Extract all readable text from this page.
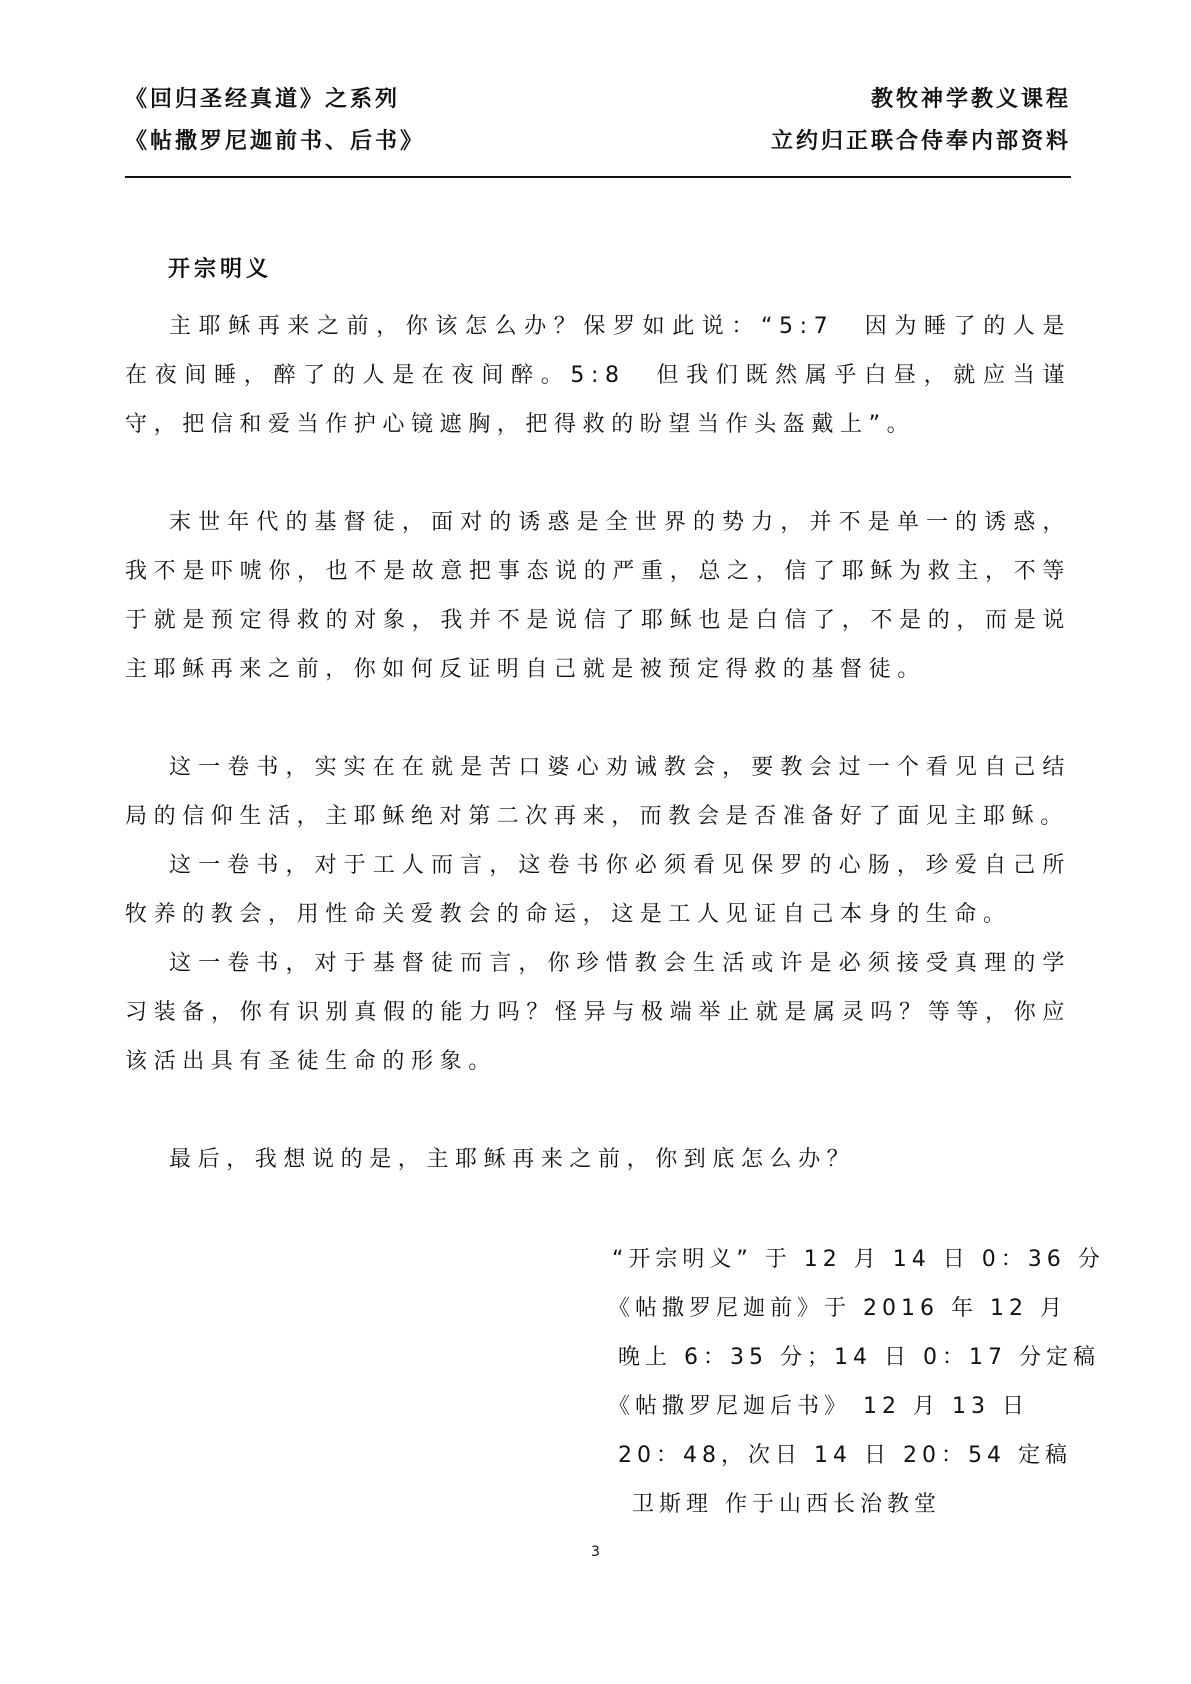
《回归圣经真道》之系列
《帖撒罗尼迦前书、后书》
教牧神学教义课程
立约归正联合侍奉内部资料
开宗明义

主耶稣再来之前，你该怎么办？保罗如此说：“5:7　因为睡了的人是在夜间睡，醉了的人是在夜间醉。5:8　但我们既然属乎白昼，就应当谨守，把信和爱当作护心镜遮胸，把得救的盼望当作头盔戴上”。

末世年代的基督徒，面对的诱惑是全世界的势力，并不是单一的诱惑，我不是吓唬你，也不是故意把事态说的严重，总之，信了耶稣为救主，不等于就是预定得救的对象，我并不是说信了耶稣也是白信了，不是的，而是说主耶稣再来之前，你如何反证明自己就是被预定得救的基督徒。

这一卷书，实实在在就是苦口婆心劝诫教会，要教会过一个看见自己结局的信仰生活，主耶稣绝对第二次再来，而教会是否准备好了面见主耶稣。

这一卷书，对于工人而言，这卷书你必须看见保罗的心肠，珍爱自己所牧养的教会，用性命关爱教会的命运，这是工人见证自己本身的生命。

这一卷书，对于基督徒而言，你珍惜教会生活或许是必须接受真理的学习装备，你有识别真假的能力吗？怪异与极端举止就是属灵吗？等等，你应该活出具有圣徒生命的形象。

最后，我想说的是，主耶稣再来之前，你到底怎么办？

“开宗明义” 于 12 月 14 日 0：36 分
《帖撒罗尼迦前》于 2016 年 12 月
晚上 6：35 分；14 日 0：17 分定稿
《帖撒罗尼迦后书》 12 月 13 日
20：48，次日 14 日 20：54 定稿
卫斯理 作于山西长治教堂
3
